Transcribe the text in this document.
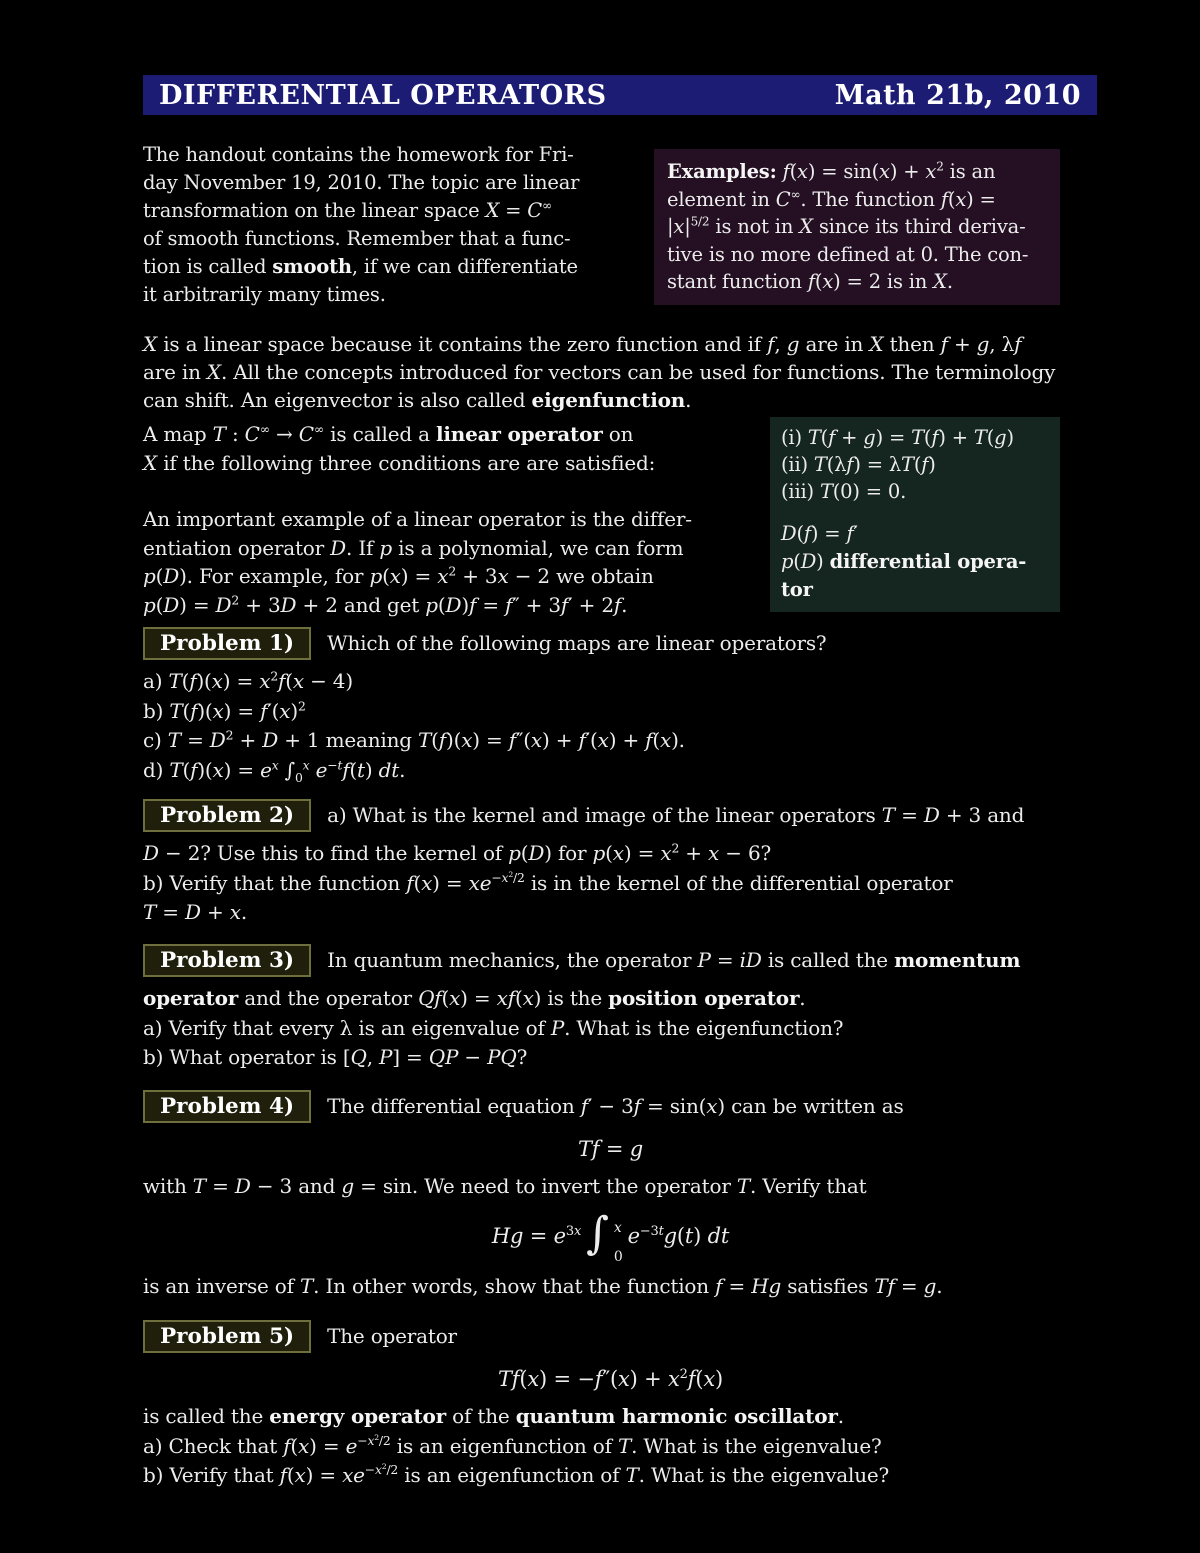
DIFFERENTIAL OPERATORS	Math 21b, 2010
The handout contains the homework for Fri-
day November 19, 2010. The topic are linear
transformation on the linear space X = C∞
of smooth functions. Remember that a func-
tion is called smooth, if we can differentiate
it arbitrarily many times.
Examples: $f(x) = \sin(x) + x^2$ is an
element in C∞. The function f(x) =
$|x|^{5/2}$ is not in X since its third deriva-
tive is no more defined at 0. The con-
stant function f(x) = 2 is in X.
X is a linear space because it contains the zero function and if f, g are in X then f + g, λf
are in X. All the concepts introduced for vectors can be used for functions. The terminology
can shift. An eigenvector is also called eigenfunction.
A map T : C∞ → C∞ is called a linear operator on
X if the following three conditions are are satisfied:
(i) T(f + g) = T(f) + T(g)
(ii) T(λf) = λT(f)
(iii) T(0) = 0.
An important example of a linear operator is the differ-
entiation operator D. If p is a polynomial, we can form
p(D). For example, for $p(x) = x^2 + 3x - 2$ we obtain
$p(D) = D^2 + 3D + 2$ and get p(D)f = f″ + 3f′ + 2f.
D(f) = f′
p(D) differential opera-
tor
Problem 1)	Which of the following maps are linear operators?
a) $T(f)(x) = x^2f(x - 4)$
b) $T(f)(x) = f'(x)^2$
c) $T = D^2 + D + 1$ meaning T(f)(x) = f″(x) + f′(x) + f(x).
d) $T(f)(x) = e^x$ $\int_0^x$ $e^{-t}f(t)$ dt.
Problem 2)	a) What is the kernel and image of the linear operators T = D + 3 and
D − 2? Use this to find the kernel of p(D) for $p(x) = x^2 + x - 6$?
b) Verify that the function $f(x) = xe^{-x^2/2}$ is in the kernel of the differential operator
T = D + x.
Problem 3)	In quantum mechanics, the operator P = iD is called the momentum
operator and the operator Qf(x) = xf(x) is the position operator.
a) Verify that every λ is an eigenvalue of P. What is the eigenfunction?
b) What operator is [Q, P] = QP − PQ?
Problem 4)	The differential equation f′ − 3f = sin(x) can be written as
Tf = g
with T = D − 3 and g = sin. We need to invert the operator T. Verify that
$Hg = e^{3x}$ ∫ x
0
$e^{-3t}g(t)$ dt
is an inverse of T. In other words, show that the function f = Hg satisfies Tf = g.
Problem 5)	The operator
$Tf(x) = -f''(x) + x^2f(x)$
is called the energy operator of the quantum harmonic oscillator.
a) Check that $f(x) = e^{-x^2/2}$ is an eigenfunction of T. What is the eigenvalue?
b) Verify that $f(x) = xe^{-x^2/2}$ is an eigenfunction of T. What is the eigenvalue?
